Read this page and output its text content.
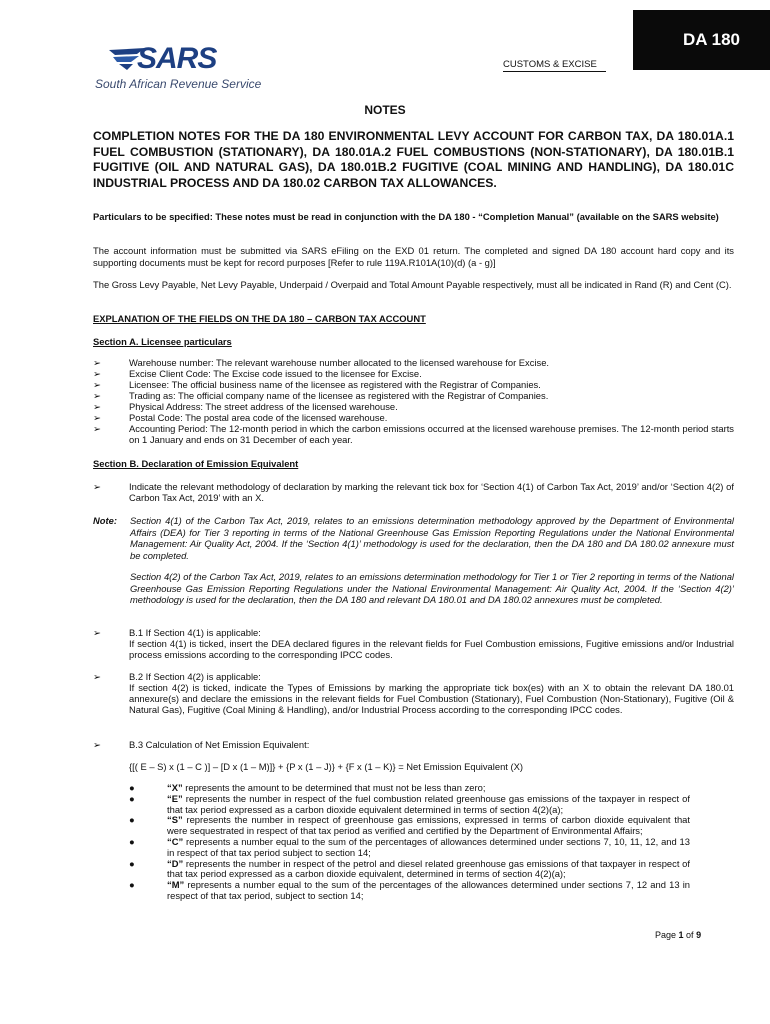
DA 180
CUSTOMS & EXCISE
SARS
South African Revenue Service
NOTES
COMPLETION NOTES FOR THE DA 180 ENVIRONMENTAL LEVY ACCOUNT FOR CARBON TAX, DA 180.01A.1 FUEL COMBUSTION (STATIONARY), DA 180.01A.2 FUEL COMBUSTIONS (NON-STATIONARY), DA 180.01B.1 FUGITIVE (OIL AND NATURAL GAS), DA 180.01B.2 FUGITIVE (COAL MINING AND HANDLING), DA 180.01C INDUSTRIAL PROCESS AND DA 180.02 CARBON TAX ALLOWANCES.
Particulars to be specified: These notes must be read in conjunction with the DA 180 - “Completion Manual” (available on the SARS website)
The account information must be submitted via SARS eFiling on the EXD 01 return. The completed and signed DA 180 account hard copy and its supporting documents must be kept for record purposes [Refer to rule 119A.R101A(10)(d) (a - g)]
The Gross Levy Payable, Net Levy Payable, Underpaid / Overpaid and Total Amount Payable respectively, must all be indicated in Rand (R) and Cent (C).
EXPLANATION OF THE FIELDS ON THE DA 180 – CARBON TAX ACCOUNT
Section A. Licensee particulars
➢	Warehouse number: The relevant warehouse number allocated to the licensed warehouse for Excise.
➢	Excise Client Code: The Excise code issued to the licensee for Excise.
➢	Licensee: The official business name of the licensee as registered with the Registrar of Companies.
➢	Trading as: The official company name of the licensee as registered with the Registrar of Companies.
➢	Physical Address: The street address of the licensed warehouse.
➢	Postal Code: The postal area code of the licensed warehouse.
➢	Accounting Period: The 12-month period in which the carbon emissions occurred at the licensed warehouse premises. The 12-month period starts on 1 January and ends on 31 December of each year.
Section B. Declaration of Emission Equivalent
➢	Indicate the relevant methodology of declaration by marking the relevant tick box for ‘Section 4(1) of Carbon Tax Act, 2019’ and/or ‘Section 4(2) of Carbon Tax Act, 2019’ with an X.
Note: Section 4(1) of the Carbon Tax Act, 2019, relates to an emissions determination methodology approved by the Department of Environmental Affairs (DEA) for Tier 3 reporting in terms of the National Greenhouse Gas Emission Reporting Regulations under the National Environmental Management: Air Quality Act, 2004. If the ‘Section 4(1)’ methodology is used for the declaration, then the DA 180 and DA 180.02 annexure must be completed.
Section 4(2) of the Carbon Tax Act, 2019, relates to an emissions determination methodology for Tier 1 or Tier 2 reporting in terms of the National Greenhouse Gas Emission Reporting Regulations under the National Environmental Management: Air Quality Act, 2004. If the ‘Section 4(2)’ methodology is used for the declaration, then the DA 180 and relevant DA 180.01 and DA 180.02 annexures must be completed.
➢	B.1 If Section 4(1) is applicable:
If section 4(1) is ticked, insert the DEA declared figures in the relevant fields for Fuel Combustion emissions, Fugitive emissions and/or Industrial process emissions according to the corresponding IPCC codes.
➢	B.2 If Section 4(2) is applicable:
If section 4(2) is ticked, indicate the Types of Emissions by marking the appropriate tick box(es) with an X to obtain the relevant DA 180.01 annexure(s) and declare the emissions in the relevant fields for Fuel Combustion (Stationary), Fuel Combustion (Non-Stationary), Fugitive (Oil & Natural Gas), Fugitive (Coal Mining & Handling), and/or Industrial Process according to the corresponding IPCC codes.
➢	B.3 Calculation of Net Emission Equivalent:
{[( E – S) x (1 – C )] – [D x (1 – M)]} + {P x (1 – J)} + {F x (1 – K)} = Net Emission Equivalent (X)
●	“X” represents the amount to be determined that must not be less than zero;
●	“E” represents the number in respect of the fuel combustion related greenhouse gas emissions of the taxpayer in respect of that tax period expressed as a carbon dioxide equivalent determined in terms of section 4(2)(a);
●	“S” represents the number in respect of greenhouse gas emissions, expressed in terms of carbon dioxide equivalent that were sequestrated in respect of that tax period as verified and certified by the Department of Environmental Affairs;
●	“C” represents a number equal to the sum of the percentages of allowances determined under sections 7, 10, 11, 12, and 13 in respect of that tax period subject to section 14;
●	“D” represents the number in respect of the petrol and diesel related greenhouse gas emissions of that taxpayer in respect of that tax period expressed as a carbon dioxide equivalent, determined in terms of section 4(2)(a);
●	“M” represents a number equal to the sum of the percentages of the allowances determined under sections 7, 12 and 13 in respect of that tax period, subject to section 14;
Page 1 of 9
